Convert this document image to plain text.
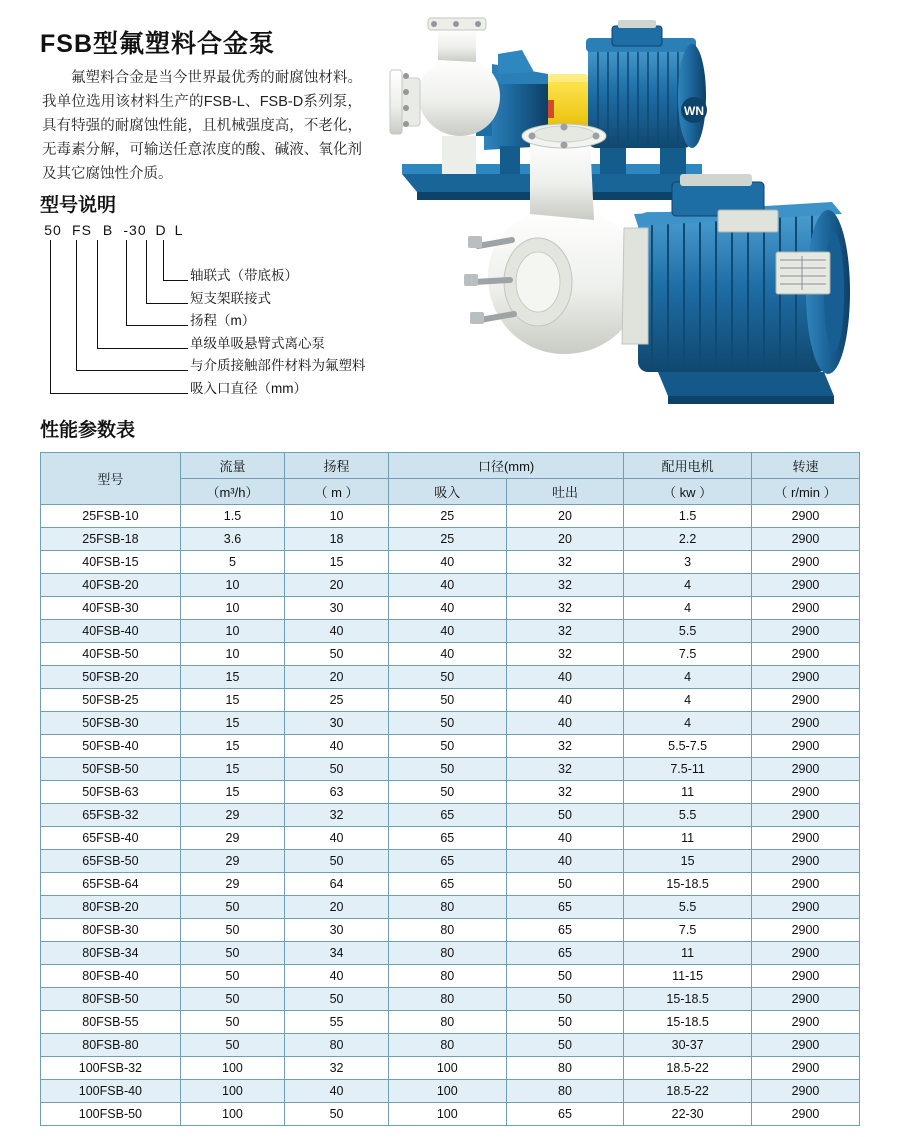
FSB型氟塑料合金泵
氟塑料合金是当今世界最优秀的耐腐蚀材料。我单位选用该材料生产的FSB-L、FSB-D系列泵，具有特强的耐腐蚀性能，且机械强度高，不老化，无毒素分解，可输送任意浓度的酸、碱液、氧化剂及其它腐蚀性介质。
型号说明
50 FS B -30 D L
轴联式（带底板）
短支架联接式
扬程（m）
单级单吸悬臂式离心泵
与介质接触部件材料为氟塑料
吸入口直径（mm）
WN
性能参数表
型号	流量	扬程	口径(mm)		配用电机	转速
	（m³/h）	（ m ）	吸入	吐出	（ kw ）	（ r/min ）
25FSB-10	1.5	10	25	20	1.5	2900
25FSB-18	3.6	18	25	20	2.2	2900
40FSB-15	5	15	40	32	3	2900
40FSB-20	10	20	40	32	4	2900
40FSB-30	10	30	40	32	4	2900
40FSB-40	10	40	40	32	5.5	2900
40FSB-50	10	50	40	32	7.5	2900
50FSB-20	15	20	50	40	4	2900
50FSB-25	15	25	50	40	4	2900
50FSB-30	15	30	50	40	4	2900
50FSB-40	15	40	50	32	5.5-7.5	2900
50FSB-50	15	50	50	32	7.5-11	2900
50FSB-63	15	63	50	32	11	2900
65FSB-32	29	32	65	50	5.5	2900
65FSB-40	29	40	65	40	11	2900
65FSB-50	29	50	65	40	15	2900
65FSB-64	29	64	65	50	15-18.5	2900
80FSB-20	50	20	80	65	5.5	2900
80FSB-30	50	30	80	65	7.5	2900
80FSB-34	50	34	80	65	11	2900
80FSB-40	50	40	80	50	11-15	2900
80FSB-50	50	50	80	50	15-18.5	2900
80FSB-55	50	55	80	50	15-18.5	2900
80FSB-80	50	80	80	50	30-37	2900
100FSB-32	100	32	100	80	18.5-22	2900
100FSB-40	100	40	100	80	18.5-22	2900
100FSB-50	100	50	100	65	22-30	2900
